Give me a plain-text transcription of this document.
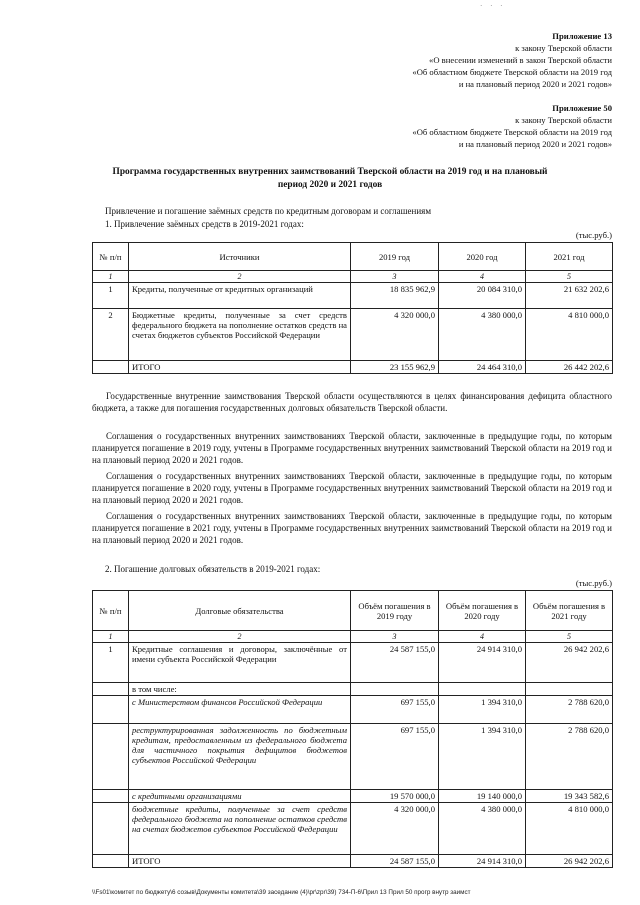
· · ·
Приложение 13
к закону Тверской области
«О внесении изменений в закон Тверской области
«Об областном бюджете Тверской области на 2019 год
и на плановый период 2020 и 2021 годов»
Приложение 50
к закону Тверской области
«Об областном бюджете Тверской области на 2019 год
и на плановый период 2020 и 2021 годов»
Программа государственных внутренних заимствований Тверской области на 2019 год и на плановый
период 2020 и 2021 годов
Привлечение и погашение заёмных средств по кредитным договорам и соглашениям
1. Привлечение заёмных средств в 2019-2021 годах:
(тыс.руб.)
№ п/п	Источники	2019 год	2020 год	2021 год
1	2	3	4	5
1	Кредиты, полученные от кредитных организаций	18 835 962,9	20 084 310,0	21 632 202,6
2	Бюджетные кредиты, полученные за счет средств федерального бюджета на пополнение остатков средств на счетах бюджетов субъектов Российской Федерации	4 320 000,0	4 380 000,0	4 810 000,0
	ИТОГО	23 155 962,9	24 464 310,0	26 442 202,6
Государственные внутренние заимствования Тверской области осуществляются в целях финансирования дефицита областного бюджета, а также для погашения государственных долговых обязательств Тверской области.
Соглашения о государственных внутренних заимствованиях Тверской области, заключенные в предыдущие годы, по которым планируется погашение в 2019 году, учтены в Программе государственных внутренних заимствований Тверской области на 2019 год и на плановый период 2020 и 2021 годов.
Соглашения о государственных внутренних заимствованиях Тверской области, заключенные в предыдущие годы, по которым планируется погашение в 2020 году, учтены в Программе государственных внутренних заимствований Тверской области на 2019 год и на плановый период 2020 и 2021 годов.
Соглашения о государственных внутренних заимствованиях Тверской области, заключенные в предыдущие годы, по которым планируется погашение в 2021 году, учтены в Программе государственных внутренних заимствований Тверской области на 2019 год и на плановый период 2020 и 2021 годов.
2. Погашение долговых обязательств в 2019-2021 годах:
(тыс.руб.)
№ п/п	Долговые обязательства	Объём погашения в 2019 году	Объём погашения в 2020 году	Объём погашения в 2021 году
1	2	3	4	5
1	Кредитные соглашения и договоры, заключённые от имени субъекта Российской Федерации	24 587 155,0	24 914 310,0	26 942 202,6
	в том числе:			
	с Министерством финансов Российской Федерации	697 155,0	1 394 310,0	2 788 620,0
	реструктурированная задолженность по бюджетным кредитам, предоставленным из федерального бюджета для частичного покрытия дефицитов бюджетов субъектов Российской Федерации	697 155,0	1 394 310,0	2 788 620,0
	с кредитными организациями	19 570 000,0	19 140 000,0	19 343 582,6
	бюджетные кредиты, полученные за счет средств федерального бюджета на пополнение остатков средств на счетах бюджетов субъектов Российской Федерации	4 320 000,0	4 380 000,0	4 810 000,0
	ИТОГО	24 587 155,0	24 914 310,0	26 942 202,6
\\Fs01\комитет по бюджету\6 созыв\Документы комитета\39 заседание (4)\pr\zpr\39) 734-П-6\Прил 13 Прил 50 прогр внутр заимст
